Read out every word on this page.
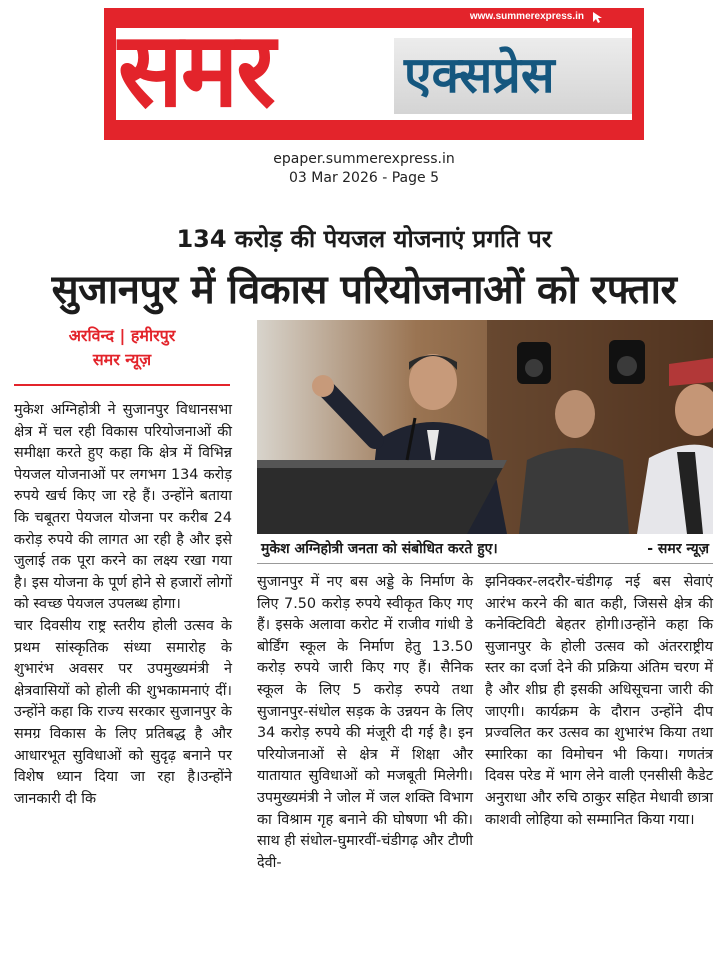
www.summerexpress.in
समर	एक्सप्रेस
epaper.summerexpress.in
03 Mar 2026 - Page 5
134 करोड़ की पेयजल योजनाएं प्रगति पर
सुजानपुर में विकास परियोजनाओं को रफ्तार
अरविन्द | हमीरपुर
समर न्यूज़

मुकेश अग्निहोत्री ने सुजानपुर विधानसभा क्षेत्र में चल रही विकास परियोजनाओं की समीक्षा करते हुए कहा कि क्षेत्र में विभिन्न पेयजल योजनाओं पर लगभग 134 करोड़ रुपये खर्च किए जा रहे हैं। उन्होंने बताया कि चबूतरा पेयजल योजना पर करीब 24 करोड़ रुपये की लागत आ रही है और इसे जुलाई तक पूरा करने का लक्ष्य रखा गया है। इस योजना के पूर्ण होने से हजारों लोगों को स्वच्छ पेयजल उपलब्ध होगा।

चार दिवसीय राष्ट्र स्तरीय होली उत्सव के प्रथम सांस्कृतिक संध्या समारोह के शुभारंभ अवसर पर उपमुख्यमंत्री ने क्षेत्रवासियों को होली की शुभकामनाएं दीं। उन्होंने कहा कि राज्य सरकार सुजानपुर के समग्र विकास के लिए प्रतिबद्ध है और आधारभूत सुविधाओं को सुदृढ़ बनाने पर विशेष ध्यान दिया जा रहा है।उन्होंने जानकारी दी कि

मुकेश अग्निहोत्री जनता को संबोधित करते हुए।	- समर न्यूज़

सुजानपुर में नए बस अड्डे के निर्माण के लिए 7.50 करोड़ रुपये स्वीकृत किए गए हैं। इसके अलावा करोट में राजीव गांधी डे बोर्डिंग स्कूल के निर्माण हेतु 13.50 करोड़ रुपये जारी किए गए हैं। सैनिक स्कूल के लिए 5 करोड़ रुपये तथा सुजानपुर-संधोल सड़क के उन्नयन के लिए 34 करोड़ रुपये की मंजूरी दी गई है। इन परियोजनाओं से क्षेत्र में शिक्षा और यातायात सुविधाओं को मजबूती मिलेगी। उपमुख्यमंत्री ने जोल में जल शक्ति विभाग का विश्राम गृह बनाने की घोषणा भी की। साथ ही संधोल-घुमारवीं-चंडीगढ़ और टौणी देवी-

झनिक्कर-लदरौर-चंडीगढ़ नई बस सेवाएं आरंभ करने की बात कही, जिससे क्षेत्र की कनेक्टिविटी बेहतर होगी।उन्होंने कहा कि सुजानपुर के होली उत्सव को अंतरराष्ट्रीय स्तर का दर्जा देने की प्रक्रिया अंतिम चरण में है और शीघ्र ही इसकी अधिसूचना जारी की जाएगी। कार्यक्रम के दौरान उन्होंने दीप प्रज्वलित कर उत्सव का शुभारंभ किया तथा स्मारिका का विमोचन भी किया। गणतंत्र दिवस परेड में भाग लेने वाली एनसीसी कैडेट अनुराधा और रुचि ठाकुर सहित मेधावी छात्रा काशवी लोहिया को सम्मानित किया गया।
